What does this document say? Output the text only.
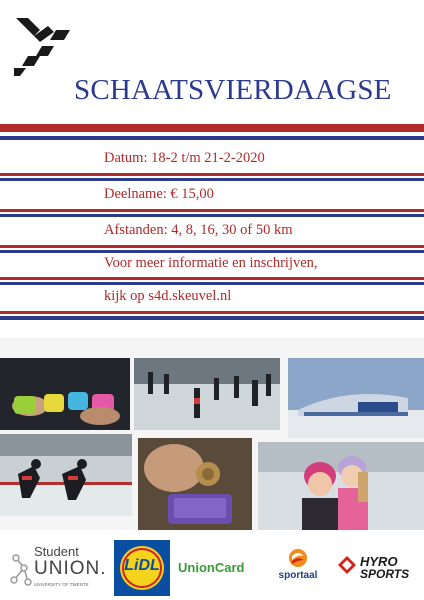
SCHAATSVIERDAAGSE
Datum: 18-2 t/m 21-2-2020
Deelname: € 15,00
Afstanden: 4, 8, 16, 30 of 50 km
Voor meer informatie en inschrijven,
kijk op s4d.skeuvel.nl
Student
UNION.
UNIVERSITY OF TWENTE
LiDL	UnionCard
sportaal
HYRO
SPORTS
